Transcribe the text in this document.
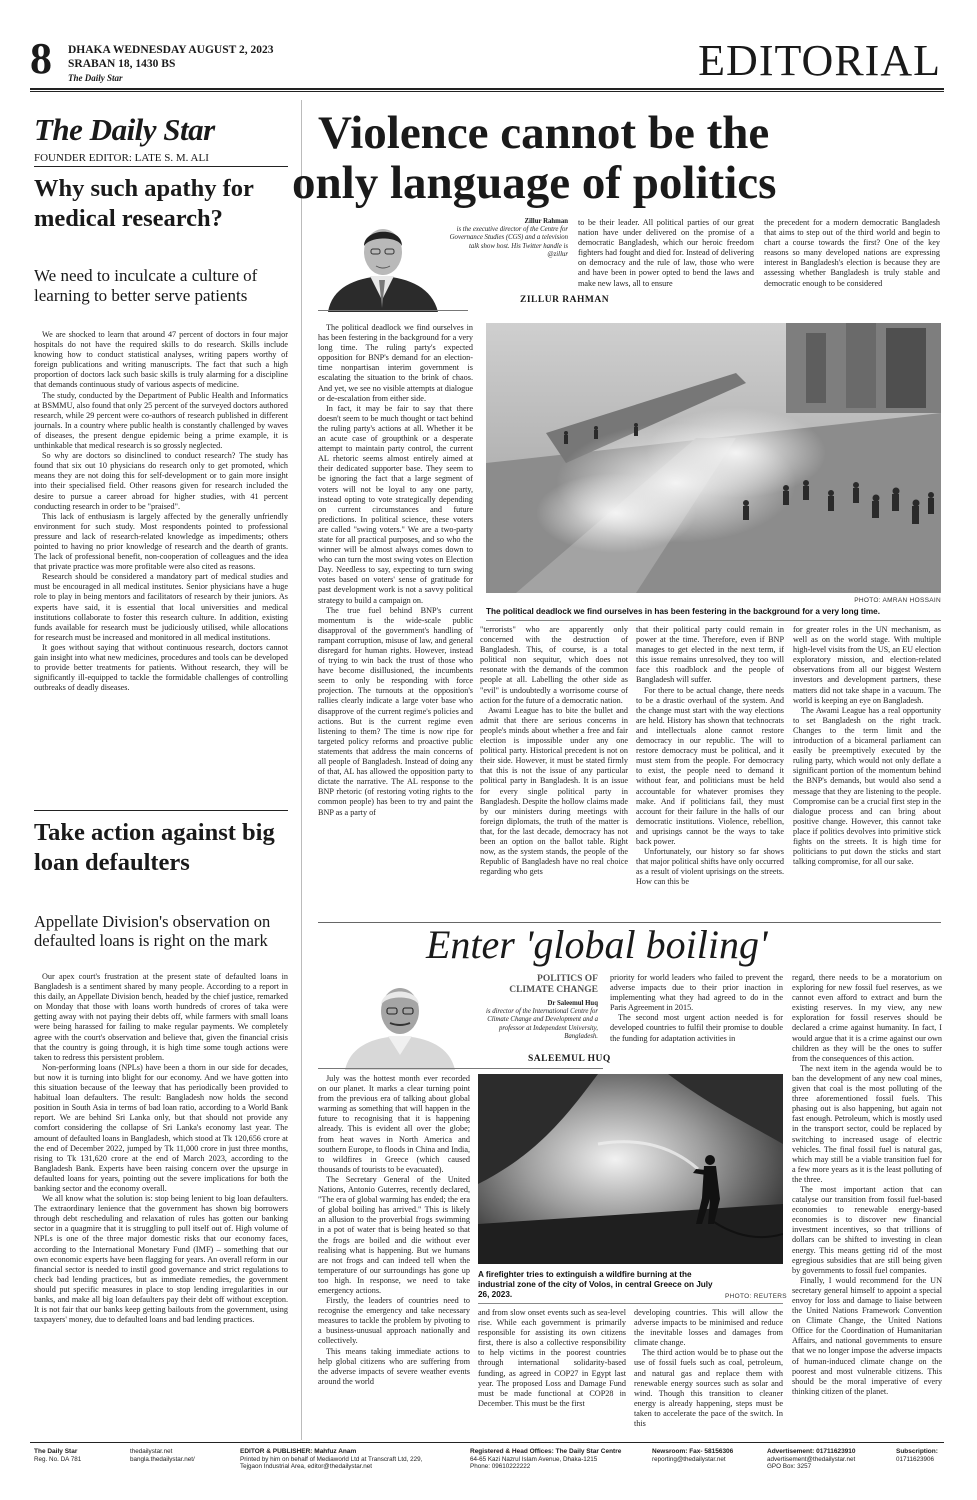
8 DHAKA WEDNESDAY AUGUST 2, 2023
SRABAN 18, 1430 BS
The Daily Star	EDITORIAL
The Daily Star
FOUNDER EDITOR: LATE S. M. ALI
Why such apathy for medical research?
We need to inculcate a culture of learning to better serve patients

We are shocked to learn that around 47 percent of doctors in four major hospitals do not have the required skills to do research. Skills include knowing how to conduct statistical analyses, writing papers worthy of foreign publications and writing manuscripts. The fact that such a high proportion of doctors lack such basic skills is truly alarming for a discipline that demands continuous study of various aspects of medicine.

The study, conducted by the Department of Public Health and Informatics at BSMMU, also found that only 25 percent of the surveyed doctors authored research, while 29 percent were co-authors of research published in different journals. In a country where public health is constantly challenged by waves of diseases, the present dengue epidemic being a prime example, it is unthinkable that medical research is so grossly neglected.

So why are doctors so disinclined to conduct research? The study has found that six out 10 physicians do research only to get promoted, which means they are not doing this for self-development or to gain more insight into their specialised field. Other reasons given for research included the desire to pursue a career abroad for higher studies, with 41 percent conducting research in order to be "praised".

This lack of enthusiasm is largely affected by the generally unfriendly environment for such study. Most respondents pointed to professional pressure and lack of research-related knowledge as impediments; others pointed to having no prior knowledge of research and the dearth of grants. The lack of professional benefit, non-cooperation of colleagues and the idea that private practice was more profitable were also cited as reasons.

Research should be considered a mandatory part of medical studies and must be encouraged in all medical institutes. Senior physicians have a huge role to play in being mentors and facilitators of research by their juniors. As experts have said, it is essential that local universities and medical institutions collaborate to foster this research culture. In addition, existing funds available for research must be judiciously utilised, while allocations for research must be increased and monitored in all medical institutions.

It goes without saying that without continuous research, doctors cannot gain insight into what new medicines, procedures and tools can be developed to provide better treatments for patients. Without research, they will be significantly ill-equipped to tackle the formidable challenges of controlling outbreaks of deadly diseases.

Take action against big loan defaulters
Appellate Division's observation on defaulted loans is right on the mark

Our apex court's frustration at the present state of defaulted loans in Bangladesh is a sentiment shared by many people. According to a report in this daily, an Appellate Division bench, headed by the chief justice, remarked on Monday that those with loans worth hundreds of crores of taka were getting away with not paying their debts off, while farmers with small loans were being harassed for failing to make regular payments. We completely agree with the court's observation and believe that, given the financial crisis that the country is going through, it is high time some tough actions were taken to redress this persistent problem.

Non-performing loans (NPLs) have been a thorn in our side for decades, but now it is turning into blight for our economy. And we have gotten into this situation because of the leeway that has periodically been provided to habitual loan defaulters. The result: Bangladesh now holds the second position in South Asia in terms of bad loan ratio, according to a World Bank report. We are behind Sri Lanka only, but that should not provide any comfort considering the collapse of Sri Lanka's economy last year. The amount of defaulted loans in Bangladesh, which stood at Tk 120,656 crore at the end of December 2022, jumped by Tk 11,000 crore in just three months, rising to Tk 131,620 crore at the end of March 2023, according to the Bangladesh Bank. Experts have been raising concern over the upsurge in defaulted loans for years, pointing out the severe implications for both the banking sector and the economy overall.

We all know what the solution is: stop being lenient to big loan defaulters. The extraordinary lenience that the government has shown big borrowers through debt rescheduling and relaxation of rules has gotten our banking sector in a quagmire that it is struggling to pull itself out of. High volume of NPLs is one of the three major domestic risks that our economy faces, according to the International Monetary Fund (IMF) – something that our own economic experts have been flagging for years. An overall reform in our financial sector is needed to instil good governance and strict regulations to check bad lending practices, but as immediate remedies, the government should put specific measures in place to stop lending irregularities in our banks, and make all big loan defaulters pay their debt off without exception. It is not fair that our banks keep getting bailouts from the government, using taxpayers' money, due to defaulted loans and bad lending practices.

Violence cannot be the
only language of politics
Zillur Rahman
is the executive director of the Centre for Governance Studies (CGS) and a television talk show host. His Twitter handle is @zillur
ZILLUR RAHMAN

to be their leader. All political parties of our great nation have under delivered on the promise of a democratic Bangladesh, which our heroic freedom fighters had fought and died for. Instead of delivering on democracy and the rule of law, those who were and have been in power opted to bend the laws and make new laws, all to ensure

the precedent for a modern democratic Bangladesh that aims to step out of the third world and begin to chart a course towards the first? One of the key reasons so many developed nations are expressing interest in Bangladesh's election is because they are assessing whether Bangladesh is truly stable and democratic enough to be considered

The political deadlock we find ourselves in has been festering in the background for a very long time. The ruling party's expected opposition for BNP's demand for an election-time nonpartisan interim government is escalating the situation to the brink of chaos. And yet, we see no visible attempts at dialogue or de-escalation from either side.

In fact, it may be fair to say that there doesn't seem to be much thought or tact behind the ruling party's actions at all. Whether it be an acute case of groupthink or a desperate attempt to maintain party control, the current AL rhetoric seems almost entirely aimed at their dedicated supporter base. They seem to be ignoring the fact that a large segment of voters will not be loyal to any one party, instead opting to vote strategically depending on current circumstances and future predictions. In political science, these voters are called "swing voters." We are a two-party state for all practical purposes, and so who the winner will be almost always comes down to who can turn the most swing votes on Election Day. Needless to say, expecting to turn swing votes based on voters' sense of gratitude for past development work is not a savvy political strategy to build a campaign on.

The true fuel behind BNP's current momentum is the wide-scale public disapproval of the government's handling of rampant corruption, misuse of law, and general disregard for human rights. However, instead of trying to win back the trust of those who have become disillusioned, the incumbents seem to only be responding with force projection. The turnouts at the opposition's rallies clearly indicate a large voter base who disapprove of the current regime's policies and actions. But is the current regime even listening to them? The time is now ripe for targeted policy reforms and proactive public statements that address the main concerns of all people of Bangladesh. Instead of doing any of that, AL has allowed the opposition party to dictate the narrative. The AL response to the BNP rhetoric (of restoring voting rights to the common people) has been to try and paint the BNP as a party of

PHOTO: AMRAN HOSSAIN
The political deadlock we find ourselves in has been festering in the background for a very long time.

"terrorists" who are apparently only concerned with the destruction of Bangladesh. This, of course, is a total political non sequitur, which does not resonate with the demands of the common people at all. Labelling the other side as "evil" is undoubtedly a worrisome course of action for the future of a democratic nation.

Awami League has to bite the bullet and admit that there are serious concerns in people's minds about whether a free and fair election is impossible under any one political party. Historical precedent is not on their side. However, it must be stated firmly that this is not the issue of any particular political party in Bangladesh. It is an issue for every single political party in Bangladesh. Despite the hollow claims made by our ministers during meetings with foreign diplomats, the truth of the matter is that, for the last decade, democracy has not been an option on the ballot table. Right now, as the system stands, the people of the Republic of Bangladesh have no real choice regarding who gets

that their political party could remain in power at the time. Therefore, even if BNP manages to get elected in the next term, if this issue remains unresolved, they too will face this roadblock and the people of Bangladesh will suffer.

For there to be actual change, there needs to be a drastic overhaul of the system. And the change must start with the way elections are held. History has shown that technocrats and intellectuals alone cannot restore democracy in our republic. The will to restore democracy must be political, and it must stem from the people. For democracy to exist, the people need to demand it without fear, and politicians must be held accountable for whatever promises they make. And if politicians fail, they must account for their failure in the halls of our democratic institutions. Violence, rebellion, and uprisings cannot be the ways to take back power.

Unfortunately, our history so far shows that major political shifts have only occurred as a result of violent uprisings on the streets. How can this be

for greater roles in the UN mechanism, as well as on the world stage. With multiple high-level visits from the US, an EU election exploratory mission, and election-related observations from all our biggest Western investors and development partners, these matters did not take shape in a vacuum. The world is keeping an eye on Bangladesh.

The Awami League has a real opportunity to set Bangladesh on the right track. Changes to the term limit and the introduction of a bicameral parliament can easily be preemptively executed by the ruling party, which would not only deflate a significant portion of the momentum behind the BNP's demands, but would also send a message that they are listening to the people. Compromise can be a crucial first step in the dialogue process and can bring about positive change. However, this cannot take place if politics devolves into primitive stick fights on the streets. It is high time for politicians to put down the sticks and start talking compromise, for all our sake.

Enter 'global boiling'
POLITICS OF
CLIMATE CHANGE
Dr Saleemul Huq
is director of the International Centre for Climate Change and Development and a professor at Independent University, Bangladesh.
SALEEMUL HUQ

priority for world leaders who failed to prevent the adverse impacts due to their prior inaction in implementing what they had agreed to do in the Paris Agreement in 2015.

The second most urgent action needed is for developed countries to fulfil their promise to double the funding for adaptation activities in

July was the hottest month ever recorded on our planet. It marks a clear turning point from the previous era of talking about global warming as something that will happen in the future to recognising that it is happening already. This is evident all over the globe; from heat waves in North America and southern Europe, to floods in China and India, to wildfires in Greece (which caused thousands of tourists to be evacuated).

The Secretary General of the United Nations, Antonio Guterres, recently declared, "The era of global warming has ended; the era of global boiling has arrived." This is likely an allusion to the proverbial frogs swimming in a pot of water that is being heated so that the frogs are boiled and die without ever realising what is happening. But we humans are not frogs and can indeed tell when the temperature of our surroundings has gone up too high. In response, we need to take emergency actions.

Firstly, the leaders of countries need to recognise the emergency and take necessary measures to tackle the problem by pivoting to a business-unusual approach nationally and collectively.

This means taking immediate actions to help global citizens who are suffering from the adverse impacts of severe weather events around the world

A firefighter tries to extinguish a wildfire burning at the industrial zone of the city of Volos, in central Greece on July 26, 2023.	PHOTO: REUTERS

and from slow onset events such as sea-level rise. While each government is primarily responsible for assisting its own citizens first, there is also a collective responsibility to help victims in the poorest countries through international solidarity-based funding, as agreed in COP27 in Egypt last year. The proposed Loss and Damage Fund must be made functional at COP28 in December. This must be the first

developing countries. This will allow the adverse impacts to be minimised and reduce the inevitable losses and damages from climate change.

The third action would be to phase out the use of fossil fuels such as coal, petroleum, and natural gas and replace them with renewable energy sources such as solar and wind. Though this transition to cleaner energy is already happening, steps must be taken to accelerate the pace of the switch. In this

regard, there needs to be a moratorium on exploring for new fossil fuel reserves, as we cannot even afford to extract and burn the existing reserves. In my view, any new exploration for fossil reserves should be declared a crime against humanity. In fact, I would argue that it is a crime against our own children as they will be the ones to suffer from the consequences of this action.

The next item in the agenda would be to ban the development of any new coal mines, given that coal is the most polluting of the three aforementioned fossil fuels. This phasing out is also happening, but again not fast enough. Petroleum, which is mostly used in the transport sector, could be replaced by switching to increased usage of electric vehicles. The final fossil fuel is natural gas, which may still be a viable transition fuel for a few more years as it is the least polluting of the three.

The most important action that can catalyse our transition from fossil fuel-based economies to renewable energy-based economies is to discover new financial investment incentives, so that trillions of dollars can be shifted to investing in clean energy. This means getting rid of the most egregious subsidies that are still being given by governments to fossil fuel companies.

Finally, I would recommend for the UN secretary general himself to appoint a special envoy for loss and damage to liaise between the United Nations Framework Convention on Climate Change, the United Nations Office for the Coordination of Humanitarian Affairs, and national governments to ensure that we no longer impose the adverse impacts of human-induced climate change on the poorest and most vulnerable citizens. This should be the moral imperative of every thinking citizen of the planet.

The Daily Star
Reg. No. DA 781
thedailystar.net
bangla.thedailystar.net/
EDITOR & PUBLISHER: Mahfuz Anam
Printed by him on behalf of Mediaworld Ltd at Transcraft Ltd, 229,
Tejgaon Industrial Area, editor@thedailystar.net
Registered & Head Offices: The Daily Star Centre
64-65 Kazi Nazrul Islam Avenue, Dhaka-1215
Phone: 09610222222
Newsroom: Fax- 58156306
reporting@thedailystar.net
Advertisement: 01711623910
advertisement@thedailystar.net
GPO Box: 3257
Subscription:
01711623906
